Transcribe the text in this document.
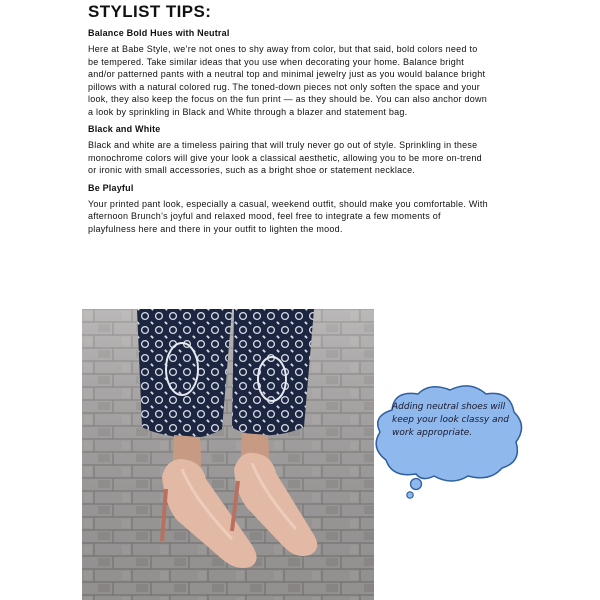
STYLIST TIPS:
Balance Bold Hues with Neutral

Here at Babe Style, we’re not ones to shy away from color, but that said, bold colors need to be tempered. Take similar ideas that you use when decorating your home. Balance bright and/or patterned pants with a neutral top and minimal jewelry just as you would balance bright pillows with a natural colored rug. The toned-down pieces not only soften the space and your look, they also keep the focus on the fun print — as they should be. You can also anchor down a look by sprinkling in Black and White through a blazer and statement bag.

Black and White

Black and white are a timeless pairing that will truly never go out of style. Sprinkling in these monochrome colors will give your look a classical aesthetic, allowing you to be more on-trend or ironic with small accessories, such as a bright shoe or statement necklace.

Be Playful

Your printed pant look, especially a casual, weekend outfit, should make you comfortable. With afternoon Brunch’s joyful and relaxed mood, feel free to integrate a few moments of playfulness here and there in your outfit to lighten the mood.

Adding neutral shoes will keep your look classy and work appropriate.
